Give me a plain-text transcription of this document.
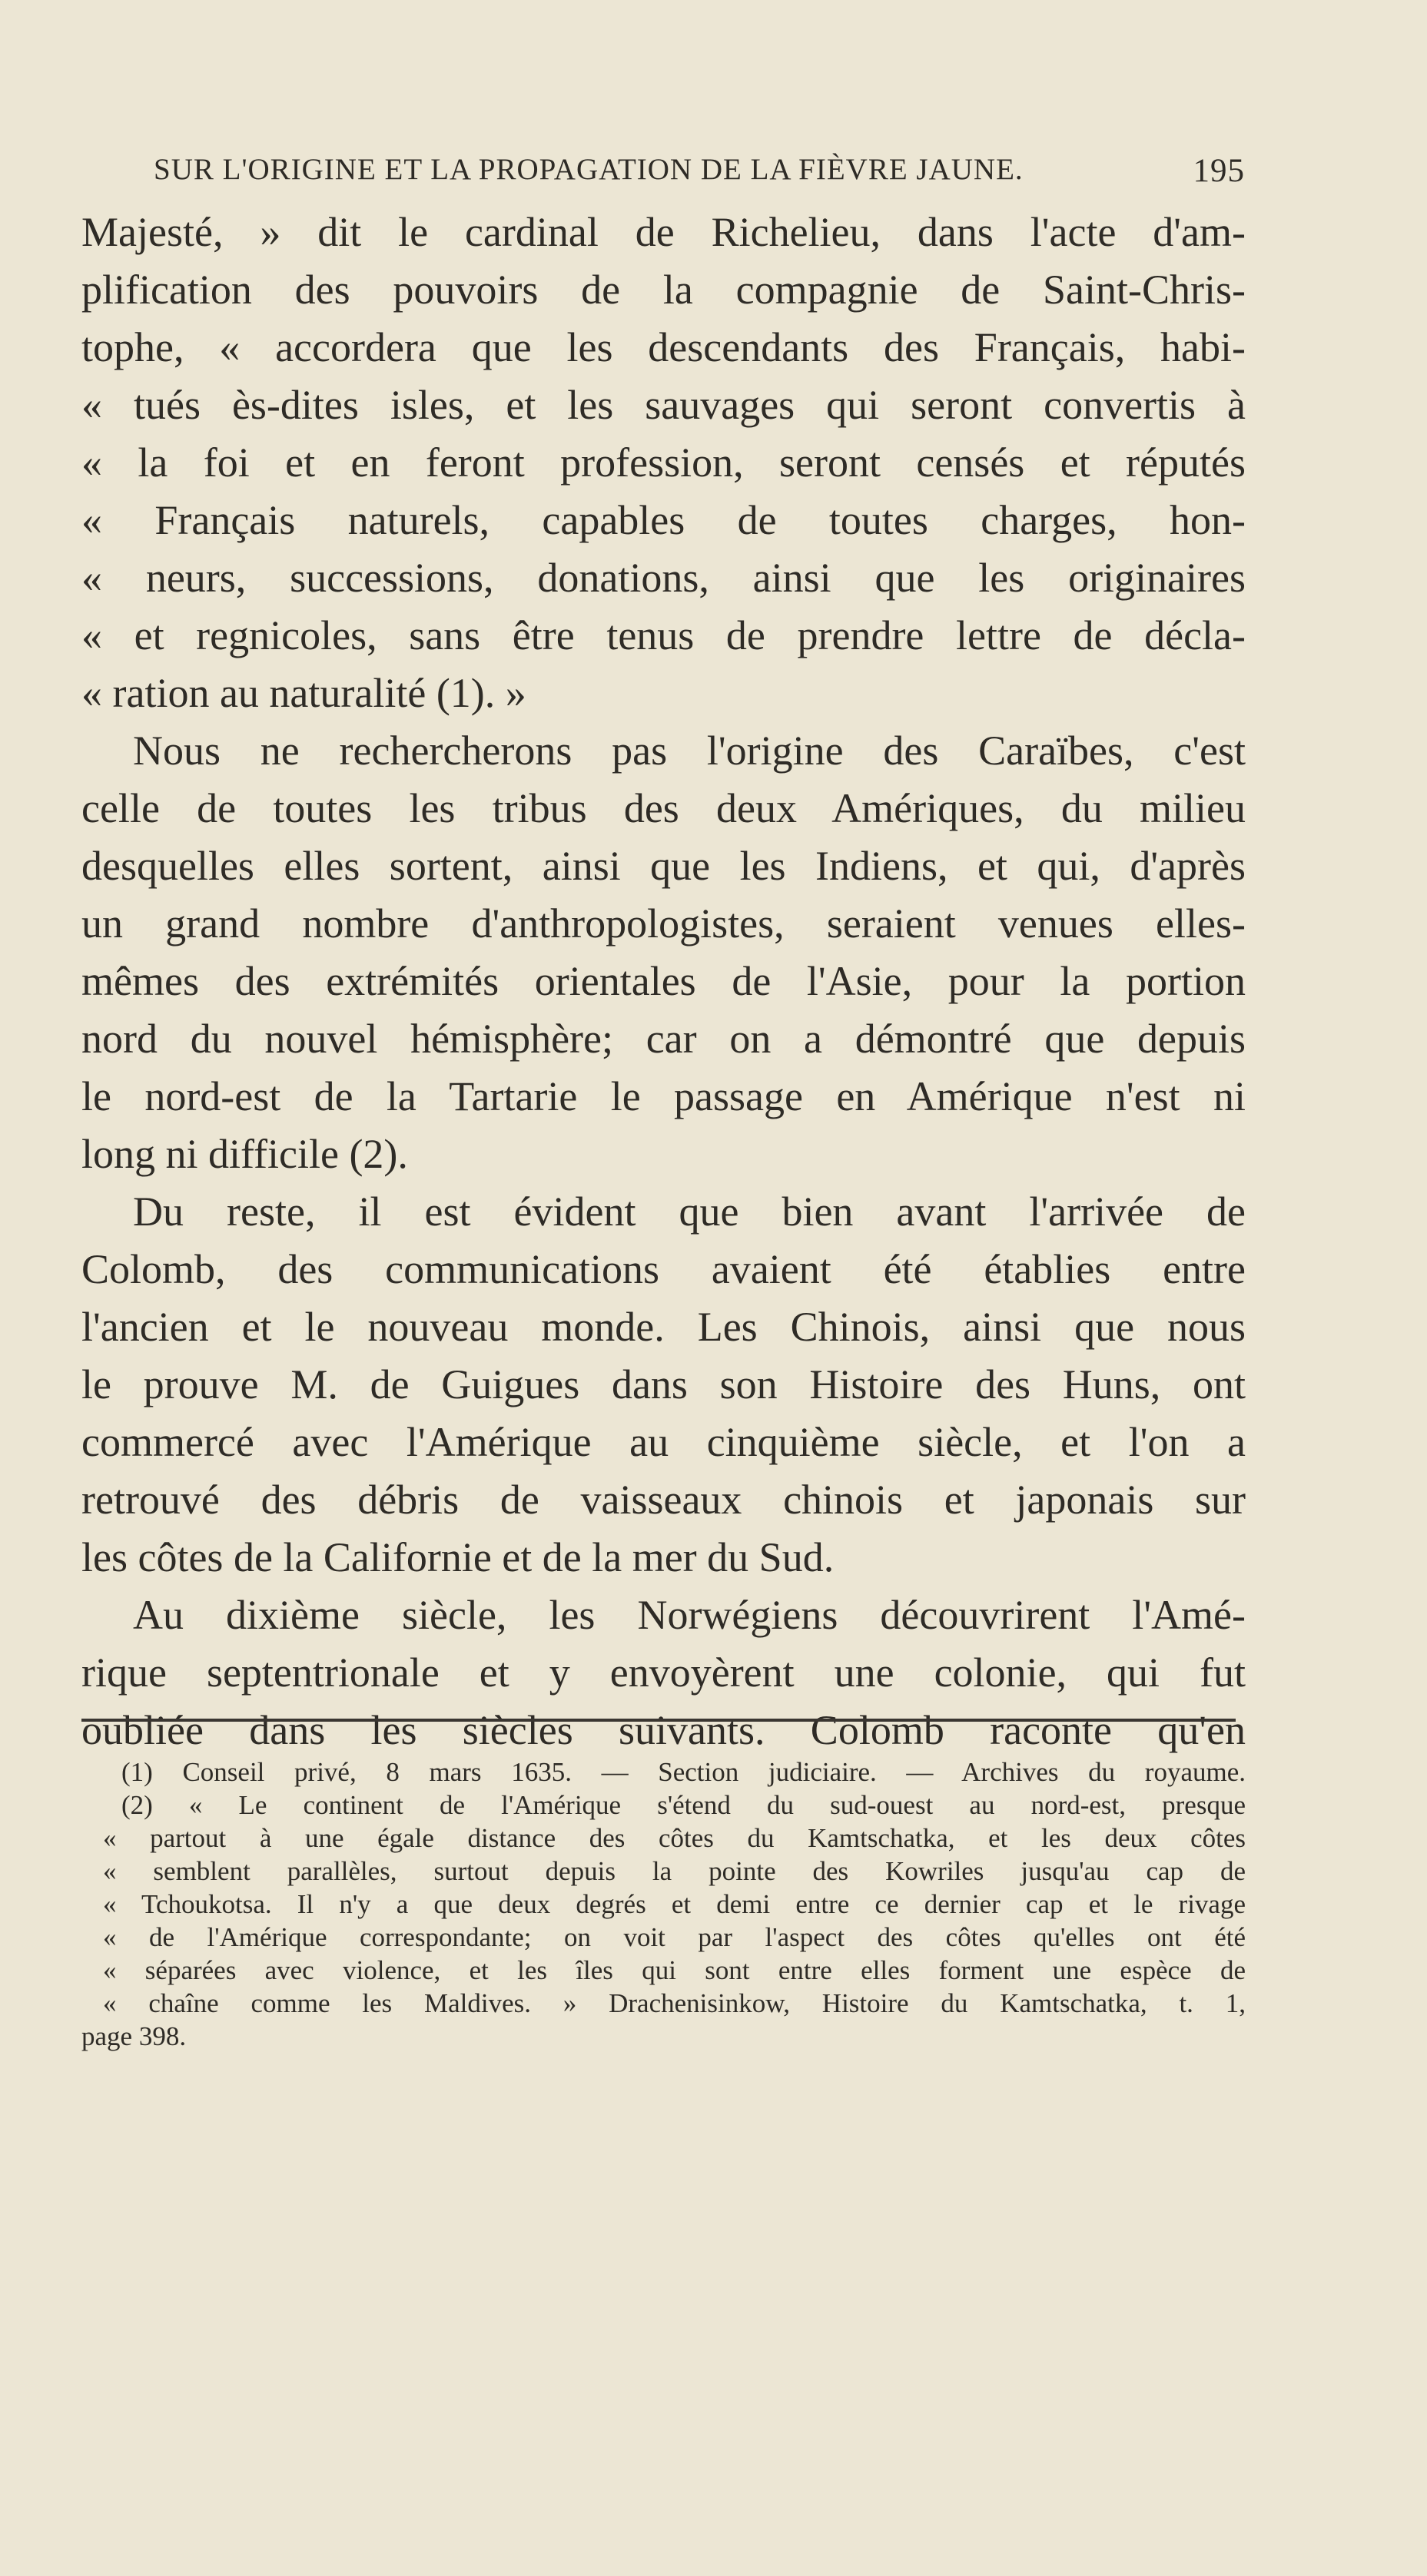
SUR L'ORIGINE ET LA PROPAGATION DE LA FIÈVRE JAUNE.	195
Majesté, » dit le cardinal de Richelieu, dans l'acte d'am-
plification des pouvoirs de la compagnie de Saint-Chris-
tophe, « accordera que les descendants des Français, habi-
« tués ès-dites isles, et les sauvages qui seront convertis à
« la foi et en feront profession, seront censés et réputés
« Français naturels, capables de toutes charges, hon-
« neurs, successions, donations, ainsi que les originaires
« et regnicoles, sans être tenus de prendre lettre de décla-
« ration au naturalité (1). »
Nous ne rechercherons pas l'origine des Caraïbes, c'est
celle de toutes les tribus des deux Amériques, du milieu
desquelles elles sortent, ainsi que les Indiens, et qui, d'après
un grand nombre d'anthropologistes, seraient venues elles-
mêmes des extrémités orientales de l'Asie, pour la portion
nord du nouvel hémisphère; car on a démontré que depuis
le nord-est de la Tartarie le passage en Amérique n'est ni
long ni difficile (2).
Du reste, il est évident que bien avant l'arrivée de
Colomb, des communications avaient été établies entre
l'ancien et le nouveau monde. Les Chinois, ainsi que nous
le prouve M. de Guigues dans son Histoire des Huns, ont
commercé avec l'Amérique au cinquième siècle, et l'on a
retrouvé des débris de vaisseaux chinois et japonais sur
les côtes de la Californie et de la mer du Sud.
Au dixième siècle, les Norwégiens découvrirent l'Amé-
rique septentrionale et y envoyèrent une colonie, qui fut
oubliée dans les siècles suivants. Colomb raconte qu'en
(1) Conseil privé, 8 mars 1635. — Section judiciaire. — Archives du royaume.
(2) « Le continent de l'Amérique s'étend du sud-ouest au nord-est, presque
« partout à une égale distance des côtes du Kamtschatka, et les deux côtes
« semblent parallèles, surtout depuis la pointe des Kowriles jusqu'au cap de
« Tchoukotsa. Il n'y a que deux degrés et demi entre ce dernier cap et le rivage
« de l'Amérique correspondante; on voit par l'aspect des côtes qu'elles ont été
« séparées avec violence, et les îles qui sont entre elles forment une espèce de
« chaîne comme les Maldives. » Drachenisinkow, Histoire du Kamtschatka, t. 1,
page 398.
